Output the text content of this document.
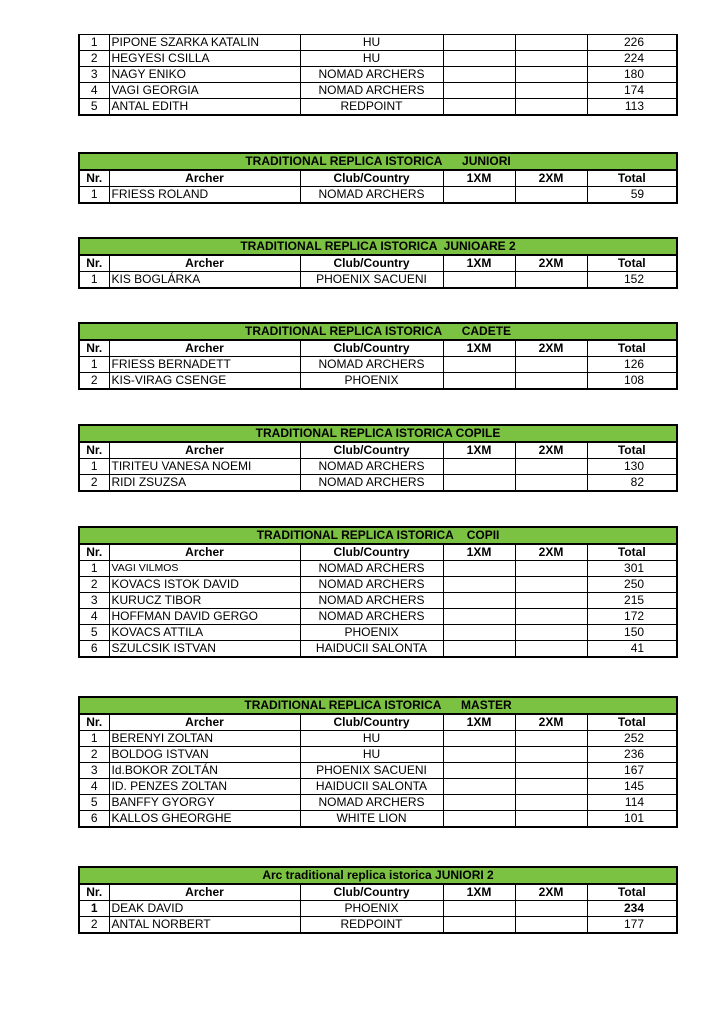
1	PIPONE SZARKA KATALIN	HU			226
2	HEGYESI CSILLA	HU			224
3	NAGY ENIKO	NOMAD ARCHERS			180
4	VAGI GEORGIA	NOMAD ARCHERS			174
5	ANTAL EDITH	REDPOINT			113
TRADITIONAL REPLICA ISTORICA      JUNIORI					
Nr.	Archer	Club/Country	1XM	2XM	Total
1	FRIESS ROLAND	NOMAD ARCHERS			59
TRADITIONAL REPLICA ISTORICA  JUNIOARE 2					
Nr.	Archer	Club/Country	1XM	2XM	Total
1	KIS BOGLÁRKA	PHOENIX SACUENI			152
TRADITIONAL REPLICA ISTORICA      CADETE					
Nr.	Archer	Club/Country	1XM	2XM	Total
1	FRIESS BERNADETT	NOMAD ARCHERS			126
2	KIS-VIRAG CSENGE	PHOENIX			108
TRADITIONAL REPLICA ISTORICA COPILE					
Nr.	Archer	Club/Country	1XM	2XM	Total
1	TIRITEU VANESA NOEMI	NOMAD ARCHERS			130
2	RIDI ZSUZSA	NOMAD ARCHERS			82
TRADITIONAL REPLICA ISTORICA    COPII					
Nr.	Archer	Club/Country	1XM	2XM	Total
1	VAGI VILMOS	NOMAD ARCHERS			301
2	KOVACS ISTOK DAVID	NOMAD ARCHERS			250
3	KURUCZ TIBOR	NOMAD ARCHERS			215
4	HOFFMAN DAVID GERGO	NOMAD ARCHERS			172
5	KOVACS ATTILA	PHOENIX			150
6	SZULCSIK ISTVAN	HAIDUCII SALONTA			41
TRADITIONAL REPLICA ISTORICA      MASTER					
Nr.	Archer	Club/Country	1XM	2XM	Total
1	BERENYI ZOLTAN	HU			252
2	BOLDOG ISTVAN	HU			236
3	Id.BOKOR ZOLTÁN	PHOENIX SACUENI			167
4	ID. PENZES ZOLTAN	HAIDUCII SALONTA			145
5	BANFFY GYORGY	NOMAD ARCHERS			114
6	KALLOS GHEORGHE	WHITE LION			101
Arc traditional replica istorica JUNIORI 2					
Nr.	Archer	Club/Country	1XM	2XM	Total
1	DEAK DAVID	PHOENIX			234
2	ANTAL NORBERT	REDPOINT			177
